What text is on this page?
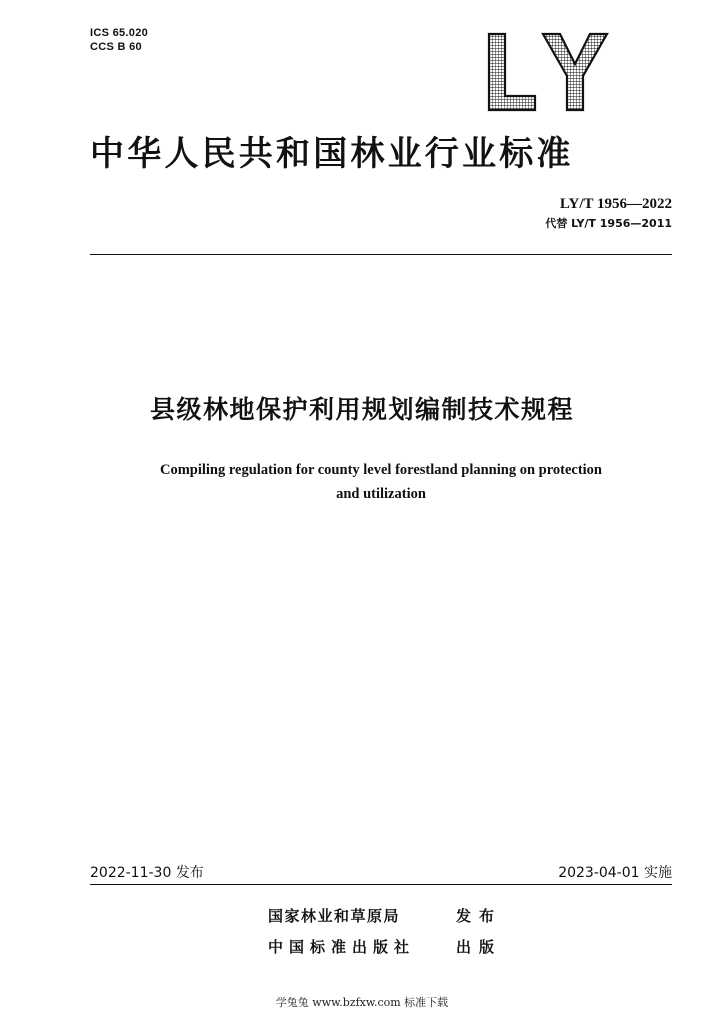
ICS 65.020
CCS B 60
中华人民共和国林业行业标准
LY/T 1956—2022
代替 LY/T 1956—2011
县级林地保护利用规划编制技术规程
Compiling regulation for county level forestland planning on protection
and utilization
2022-11-30 发布	2023-04-01 实施
国家林业和草原局	发布
中国标准出版社	出版
学兔兔 www.bzfxw.com 标准下载
